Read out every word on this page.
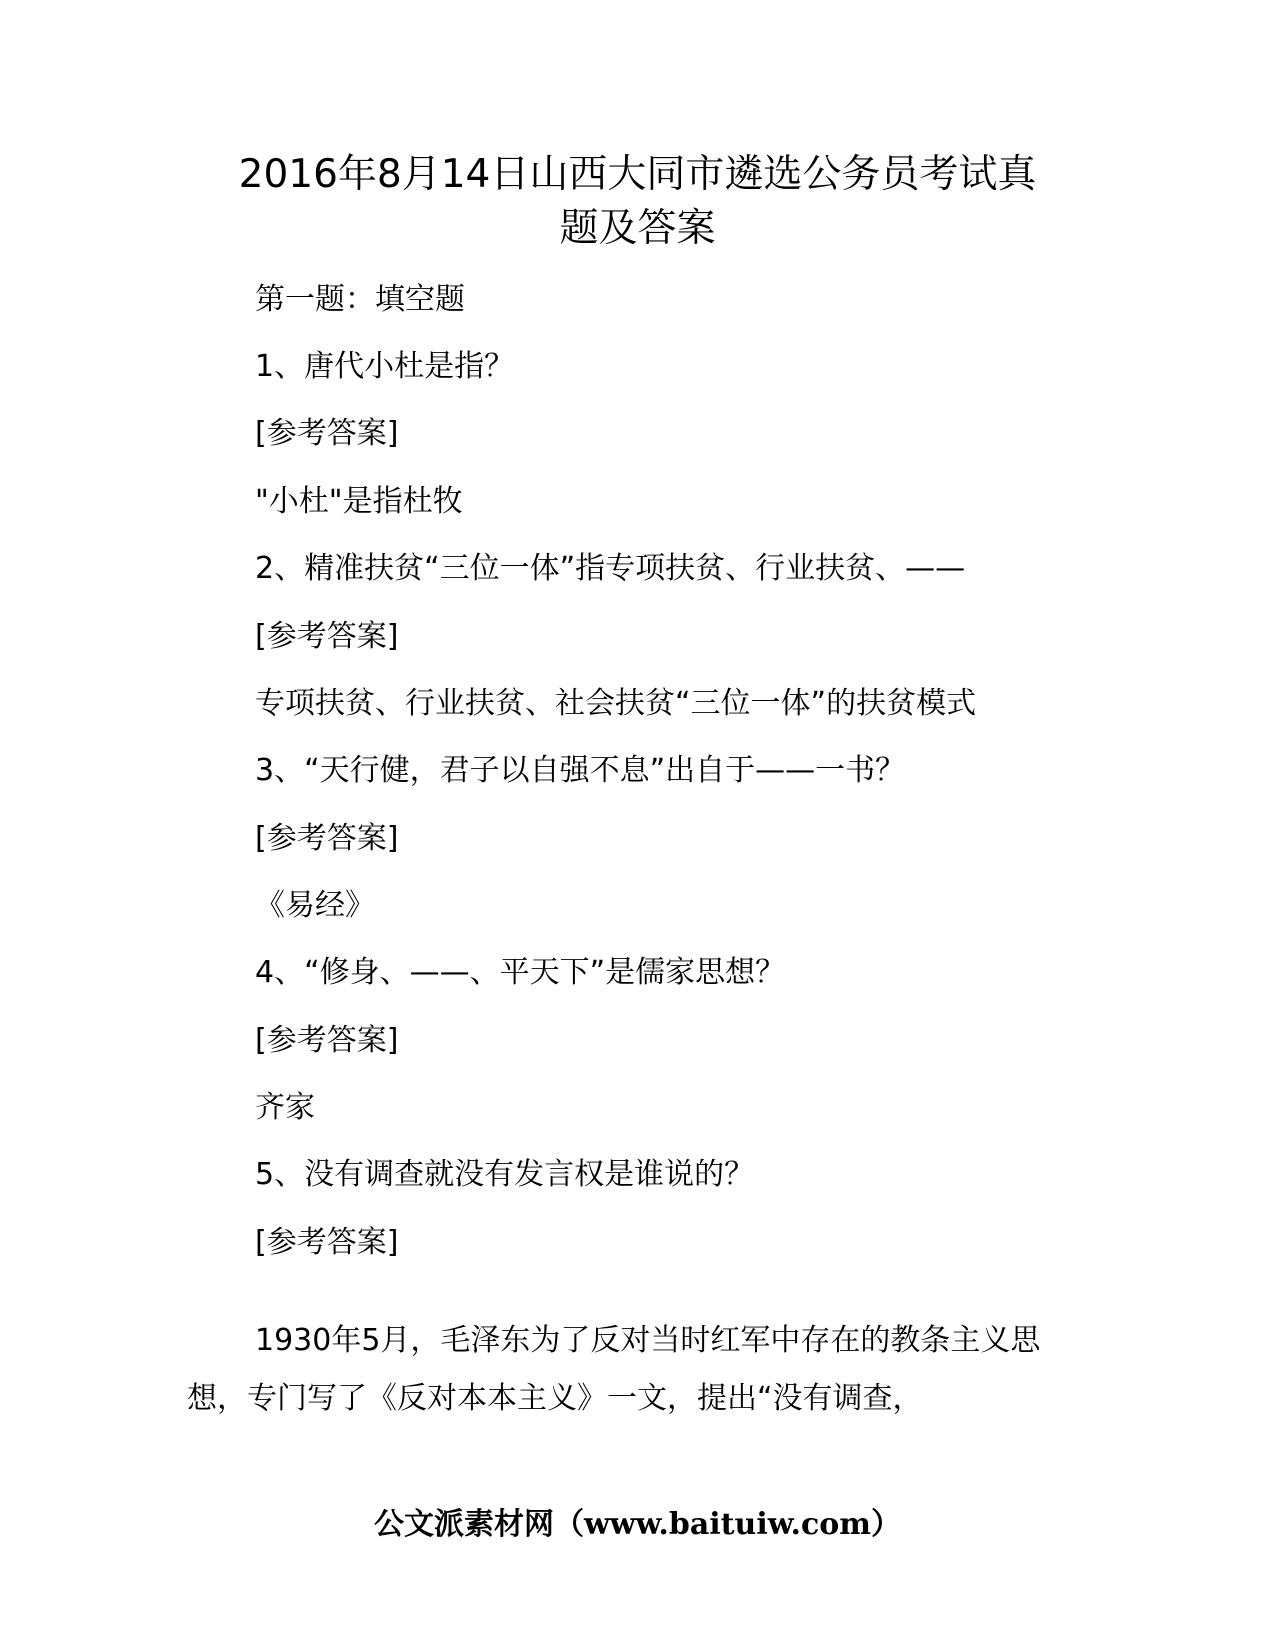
2016年8月14日山西大同市遴选公务员考试真
题及答案

第一题：填空题

1、唐代小杜是指？

[参考答案]

"小杜"是指杜牧

2、精准扶贫“三位一体”指专项扶贫、行业扶贫、——

[参考答案]

专项扶贫、行业扶贫、社会扶贫“三位一体”的扶贫模式

3、“天行健，君子以自强不息”出自于——一书？

[参考答案]

《易经》

4、“修身、——、平天下”是儒家思想？

[参考答案]

齐家

5、没有调查就没有发言权是谁说的？

[参考答案]

1930年5月，毛泽东为了反对当时红军中存在的教条主义思想，专门写了《反对本本主义》一文，提出“没有调查，

公文派素材网（www.baituiw.com）
